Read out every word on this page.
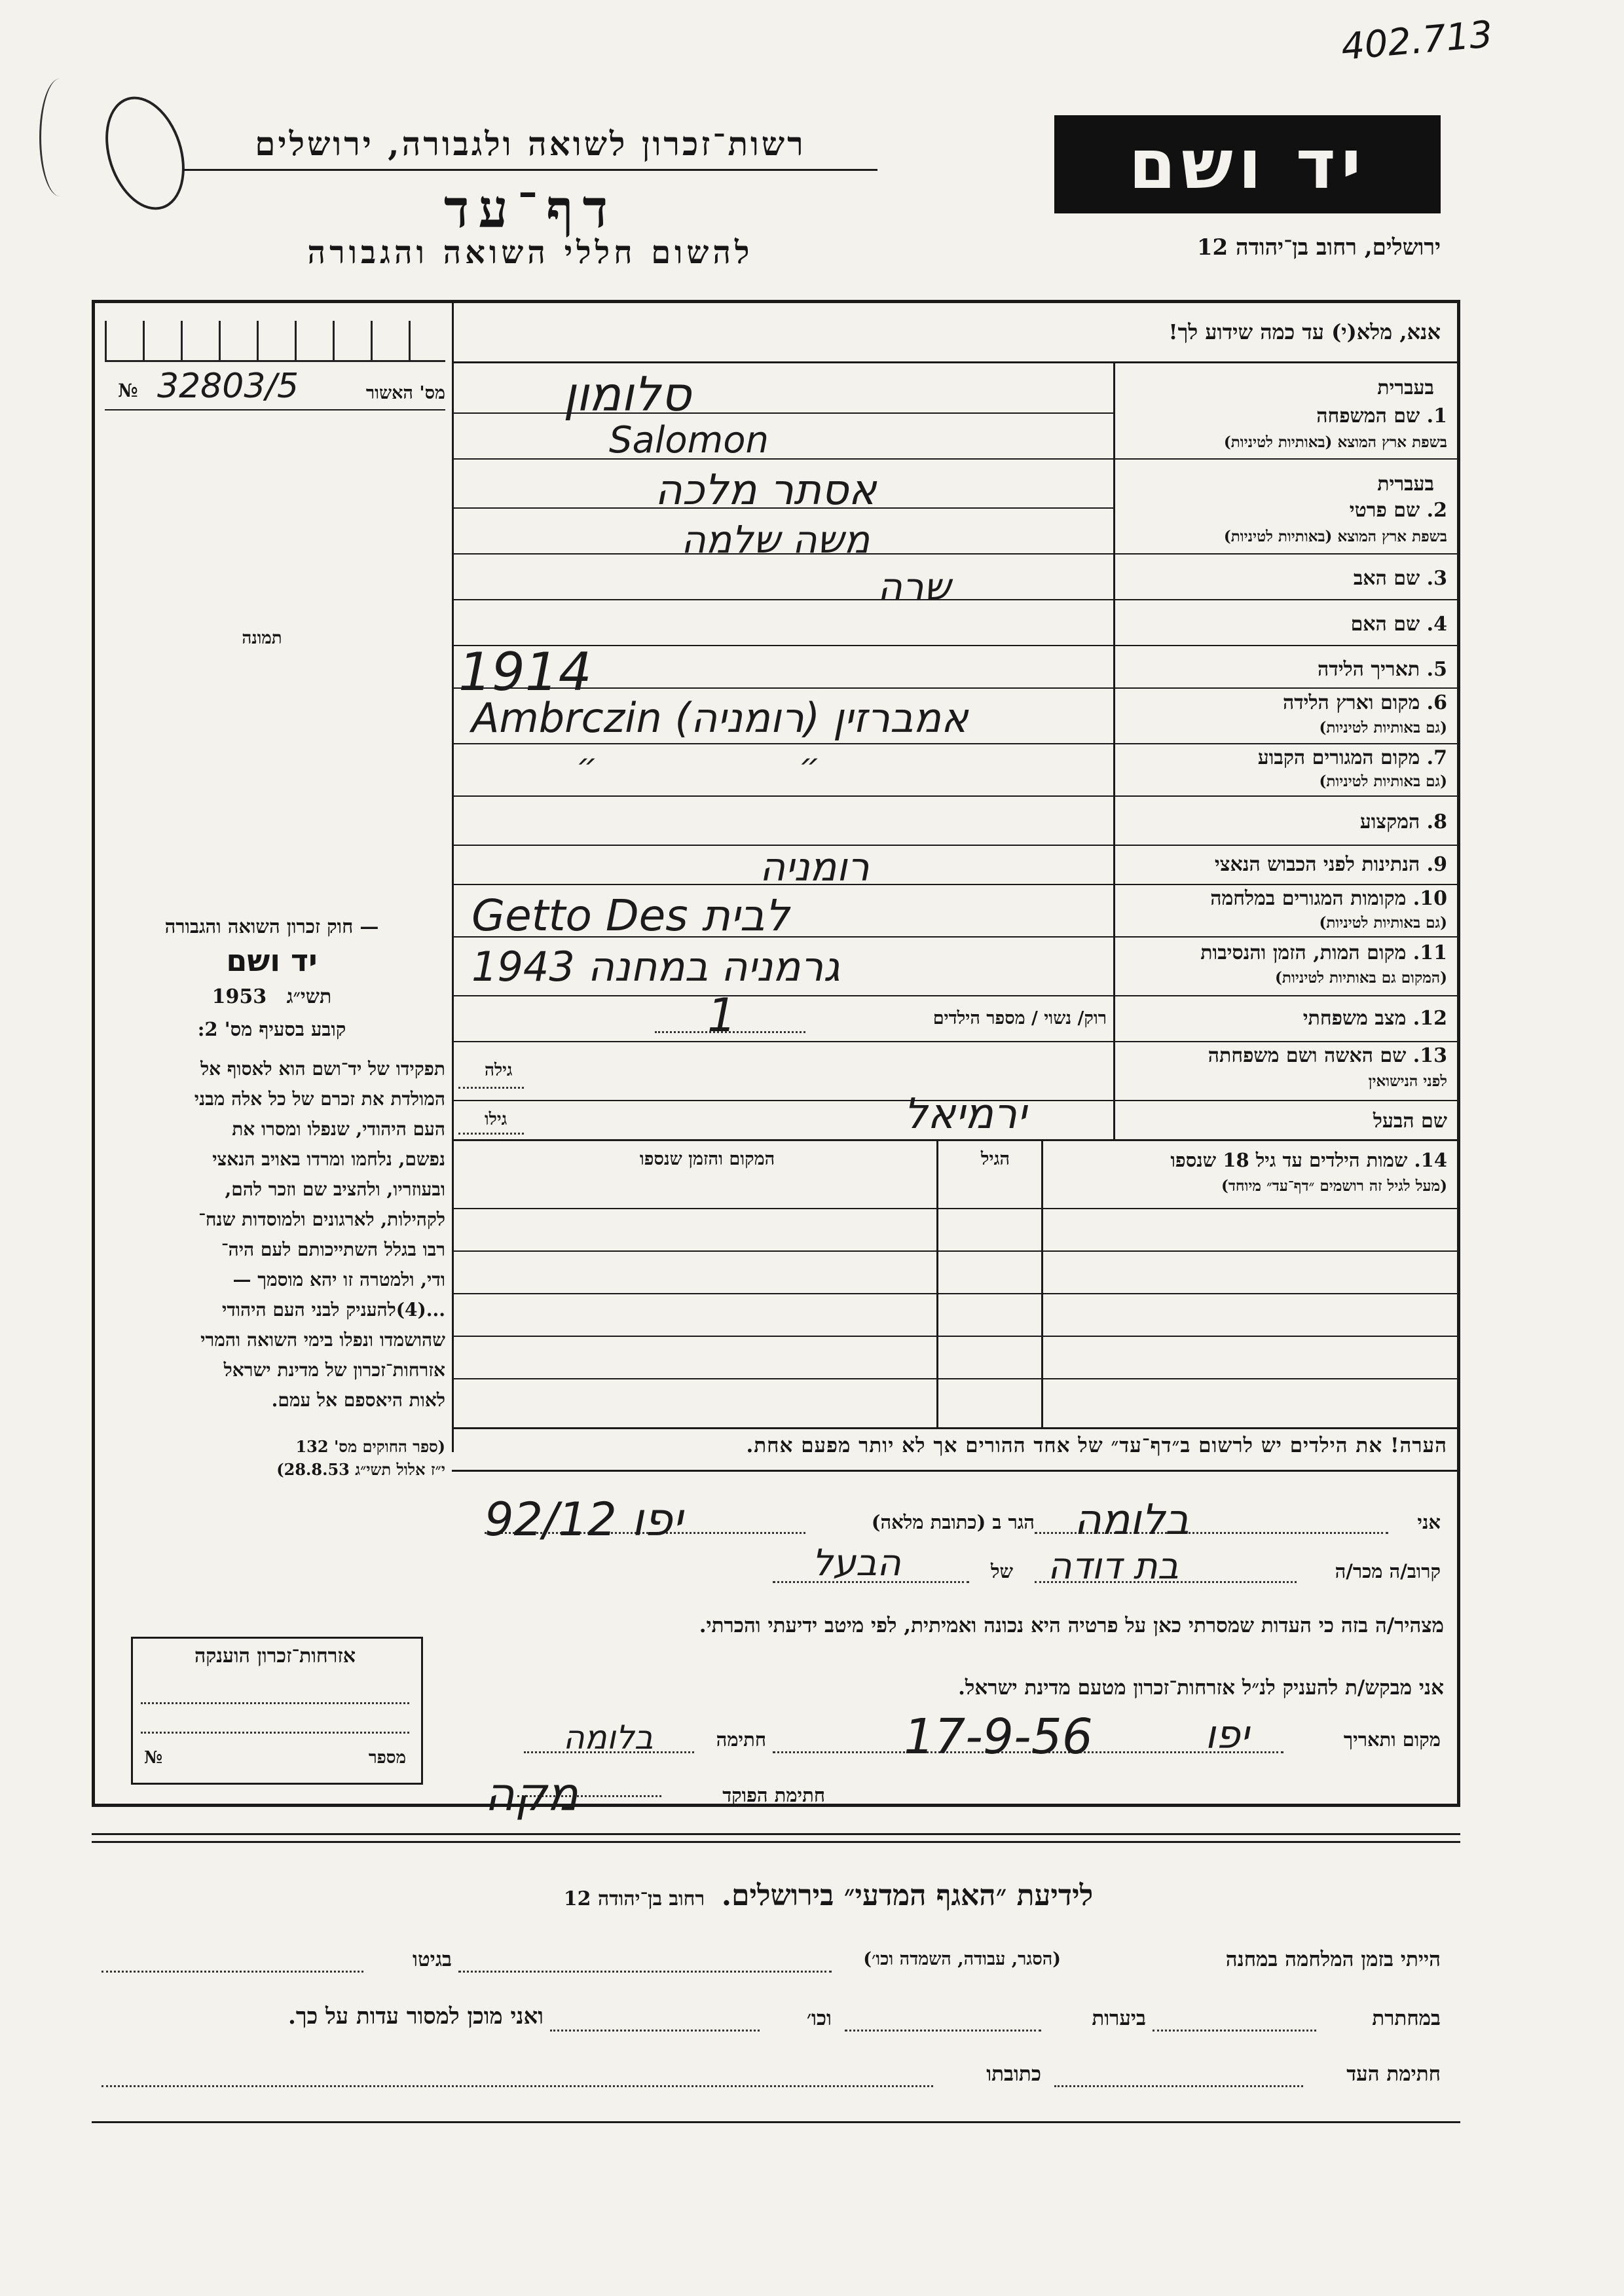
402.713
רשות־זכרון לשואה ולגבורה, ירושלים
דף־עד
להשום חללי השואה והגבורה
יד ושם
ירושלים, רחוב בן־יהודה 12
מס' האשור
№ 32803/5
תמונה
— חוק זכרון השואה והגבורה
יד ושם
תשי״ג 1953
קובע בסעיף מס' 2:
תפקידו של יד־ושם הוא לאסוף אל
המולדת את זכרם של כל אלה מבני
העם היהודי, שנפלו ומסרו את
נפשם, נלחמו ומרדו באויב הנאצי
ובעוזריו, ולהציב שם וזכר להם,
לקהילות, לארגונים ולמוסדות שנח־
רבו בגלל השתייכותם לעם היה־
ודי, ולמטרה זו יהא מוסמך —
...(4)להעניק לבני העם היהודי
שהושמדו ונפלו בימי השואה והמרי
אזרחות־זכרון של מדינת ישראל
לאות היאספם אל עמם.
(ספר החוקים מס' 132
י״ז אלול תשי״ג 28.8.53)
אזרחות־זכרון הוענקה
מספר
№
אנא, מלא(י) עד כמה שידוע לך!
בעברית
1. שם המשפחה
בשפת ארץ המוצא (באותיות לטיניות)
בעברית
2. שם פרטי
בשפת ארץ המוצא (באותיות לטיניות)
3. שם האב
4. שם האם
5. תאריך הלידה
6. מקום וארץ הלידה
(גם באותיות לטיניות)
7. מקום המגורים הקבוע
(גם באותיות לטיניות)
8. המקצוע
9. הנתינות לפני הכבוש הנאצי
10. מקומות המגורים במלחמה
(גם באותיות לטיניות)
11. מקום המות, הזמן והנסיבות
(המקום גם באותיות לטיניות)
12. מצב משפחתי
13. שם האשה ושם משפחתה
לפני הנישואין
שם הבעל
רוק/ נשוי / מספר הילדים
גילה
גילו
14. שמות הילדים עד גיל 18 שנספו
(מעל לגיל זה רושמים ״דף־עד״ מיוחד)
הגיל
המקום והזמן שנספו
הערה! את הילדים יש לרשום ב״דף־עד״ של אחד ההורים אך לא יותר מפעם אחת.
אני
הגר ב (כתובת מלאה)
קרוב/ה מכר/ה
של
מצהיר/ה בזה כי העדות שמסרתי כאן על פרטיה היא נכונה ואמיתית, לפי מיטב ידיעתי והכרתי.
אני מבקש/ת להעניק לנ״ל אזרחות־זכרון מטעם מדינת ישראל.
מקום ותאריך
חתימה
חתימת הפוקד
סלומון
Salomon
אסתר מלכה
משה שלמה
שרה
1914
Ambrczin (רומניה) אמברזין
״	״
רומניה
Getto Des לבית
1943 גרמניה במחנה
1
ירמיאל
בלומה
יפו 92/12
בת דודה
הבעל
17-9-56	יפו
בלומה
מקה
לידיעת ״האגף המדעי״ בירושלים. רחוב בן־יהודה 12
הייתי בזמן המלחמה במחנה
(הסגר, עבודה, השמדה וכו׳)
בגיטו
במחתרת
ביערות
וכו׳
ואני מוכן למסור עדות על כך.
חתימת העד
כתובתו
